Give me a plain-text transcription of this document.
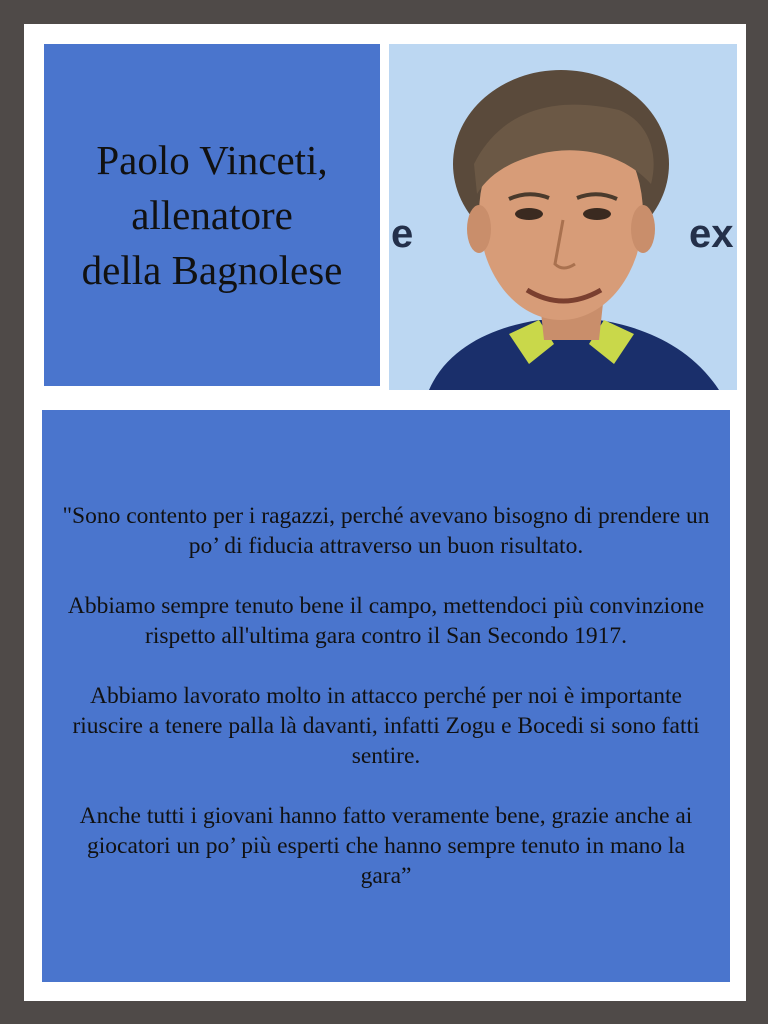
Paolo Vinceti,
allenatore
della Bagnolese
e	ex

"Sono contento per i ragazzi, perché avevano bisogno di prendere un po’ di fiducia attraverso un buon risultato.

Abbiamo sempre tenuto bene il campo, mettendoci più convinzione rispetto all'ultima gara contro il San Secondo 1917.

Abbiamo lavorato molto in attacco perché per noi è importante riuscire a tenere palla là davanti, infatti Zogu e Bocedi si sono fatti sentire.

Anche tutti i giovani hanno fatto veramente bene, grazie anche ai giocatori un po’ più esperti che hanno sempre tenuto in mano la gara”
